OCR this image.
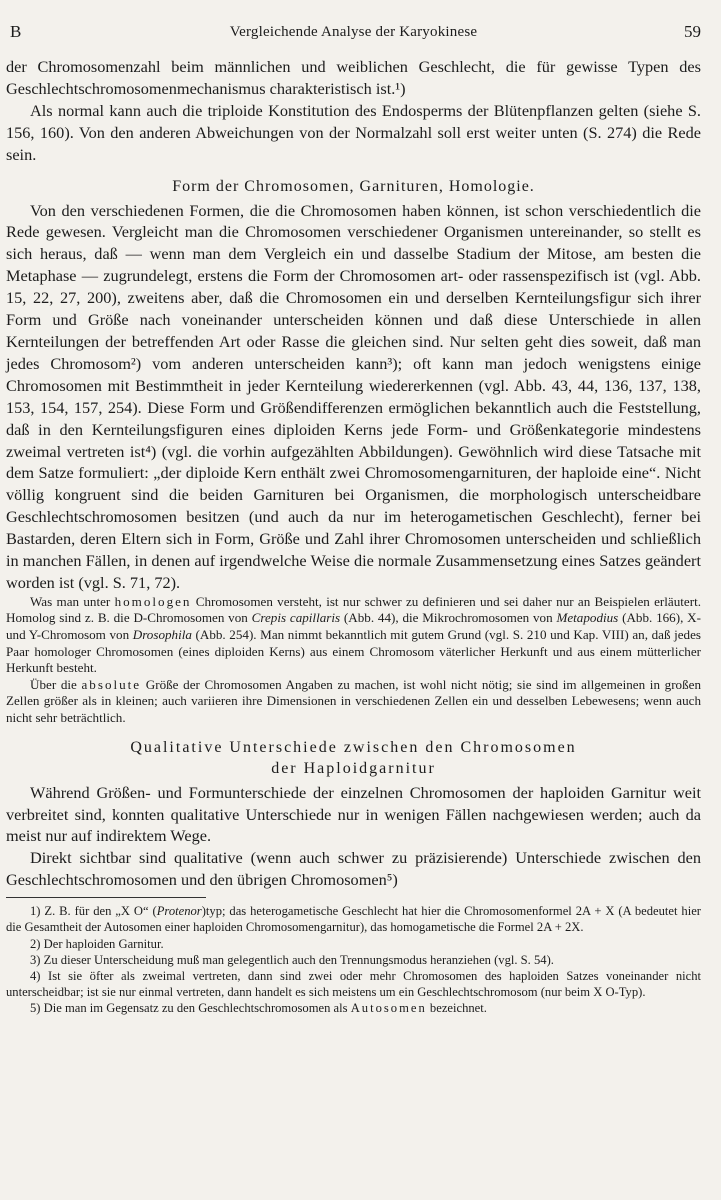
B	Vergleichende Analyse der Karyokinese	59

der Chromosomenzahl beim männlichen und weiblichen Geschlecht, die für gewisse Typen des Geschlechtschromosomenmechanismus charakteristisch ist.¹)

Als normal kann auch die triploide Konstitution des Endosperms der Blütenpflanzen gelten (siehe S. 156, 160). Von den anderen Abweichungen von der Normalzahl soll erst weiter unten (S. 274) die Rede sein.

Form der Chromosomen, Garnituren, Homologie.

Von den verschiedenen Formen, die die Chromosomen haben können, ist schon verschiedentlich die Rede gewesen. Vergleicht man die Chromosomen verschiedener Organismen untereinander, so stellt es sich heraus, daß — wenn man dem Vergleich ein und dasselbe Stadium der Mitose, am besten die Metaphase — zugrundelegt, erstens die Form der Chromosomen art- oder rassenspezifisch ist (vgl. Abb. 15, 22, 27, 200), zweitens aber, daß die Chromosomen ein und derselben Kernteilungsfigur sich ihrer Form und Größe nach voneinander unterscheiden können und daß diese Unterschiede in allen Kernteilungen der betreffenden Art oder Rasse die gleichen sind. Nur selten geht dies soweit, daß man jedes Chromosom²) vom anderen unterscheiden kann³); oft kann man jedoch wenigstens einige Chromosomen mit Bestimmtheit in jeder Kernteilung wiedererkennen (vgl. Abb. 43, 44, 136, 137, 138, 153, 154, 157, 254). Diese Form und Größendifferenzen ermöglichen bekanntlich auch die Feststellung, daß in den Kernteilungsfiguren eines diploiden Kerns jede Form- und Größenkategorie mindestens zweimal vertreten ist⁴) (vgl. die vorhin aufgezählten Abbildungen). Gewöhnlich wird diese Tatsache mit dem Satze formuliert: „der diploide Kern enthält zwei Chromosomengarnituren, der haploide eine“. Nicht völlig kongruent sind die beiden Garnituren bei Organismen, die morphologisch unterscheidbare Geschlechtschromosomen besitzen (und auch da nur im heterogametischen Geschlecht), ferner bei Bastarden, deren Eltern sich in Form, Größe und Zahl ihrer Chromosomen unterscheiden und schließlich in manchen Fällen, in denen auf irgendwelche Weise die normale Zusammensetzung eines Satzes geändert worden ist (vgl. S. 71, 72).

Was man unter homologen Chromosomen versteht, ist nur schwer zu definieren und sei daher nur an Beispielen erläutert. Homolog sind z. B. die D-Chromosomen von Crepis capillaris (Abb. 44), die Mikrochromosomen von Metapodius (Abb. 166), X- und Y-Chromosom von Drosophila (Abb. 254). Man nimmt bekanntlich mit gutem Grund (vgl. S. 210 und Kap. VIII) an, daß jedes Paar homologer Chromosomen (eines diploiden Kerns) aus einem Chromosom väterlicher Herkunft und aus einem mütterlicher Herkunft besteht.

Über die absolute Größe der Chromosomen Angaben zu machen, ist wohl nicht nötig; sie sind im allgemeinen in großen Zellen größer als in kleinen; auch variieren ihre Dimensionen in verschiedenen Zellen ein und desselben Lebewesens; wenn auch nicht sehr beträchtlich.

Qualitative Unterschiede zwischen den Chromosomen
der Haploidgarnitur

Während Größen- und Formunterschiede der einzelnen Chromosomen der haploiden Garnitur weit verbreitet sind, konnten qualitative Unterschiede nur in wenigen Fällen nachgewiesen werden; auch da meist nur auf indirektem Wege.

Direkt sichtbar sind qualitative (wenn auch schwer zu präzisierende) Unterschiede zwischen den Geschlechtschromosomen und den übrigen Chromosomen⁵)

1) Z. B. für den „X O“ (Protenor)typ; das heterogametische Geschlecht hat hier die Chromosomenformel 2A + X (A bedeutet hier die Gesamtheit der Autosomen einer haploiden Chromosomengarnitur), das homogametische die Formel 2A + 2X.

2) Der haploiden Garnitur.

3) Zu dieser Unterscheidung muß man gelegentlich auch den Trennungsmodus heranziehen (vgl. S. 54).

4) Ist sie öfter als zweimal vertreten, dann sind zwei oder mehr Chromosomen des haploiden Satzes voneinander nicht unterscheidbar; ist sie nur einmal vertreten, dann handelt es sich meistens um ein Geschlechtschromosom (nur beim X O-Typ).

5) Die man im Gegensatz zu den Geschlechtschromosomen als Autosomen bezeichnet.
